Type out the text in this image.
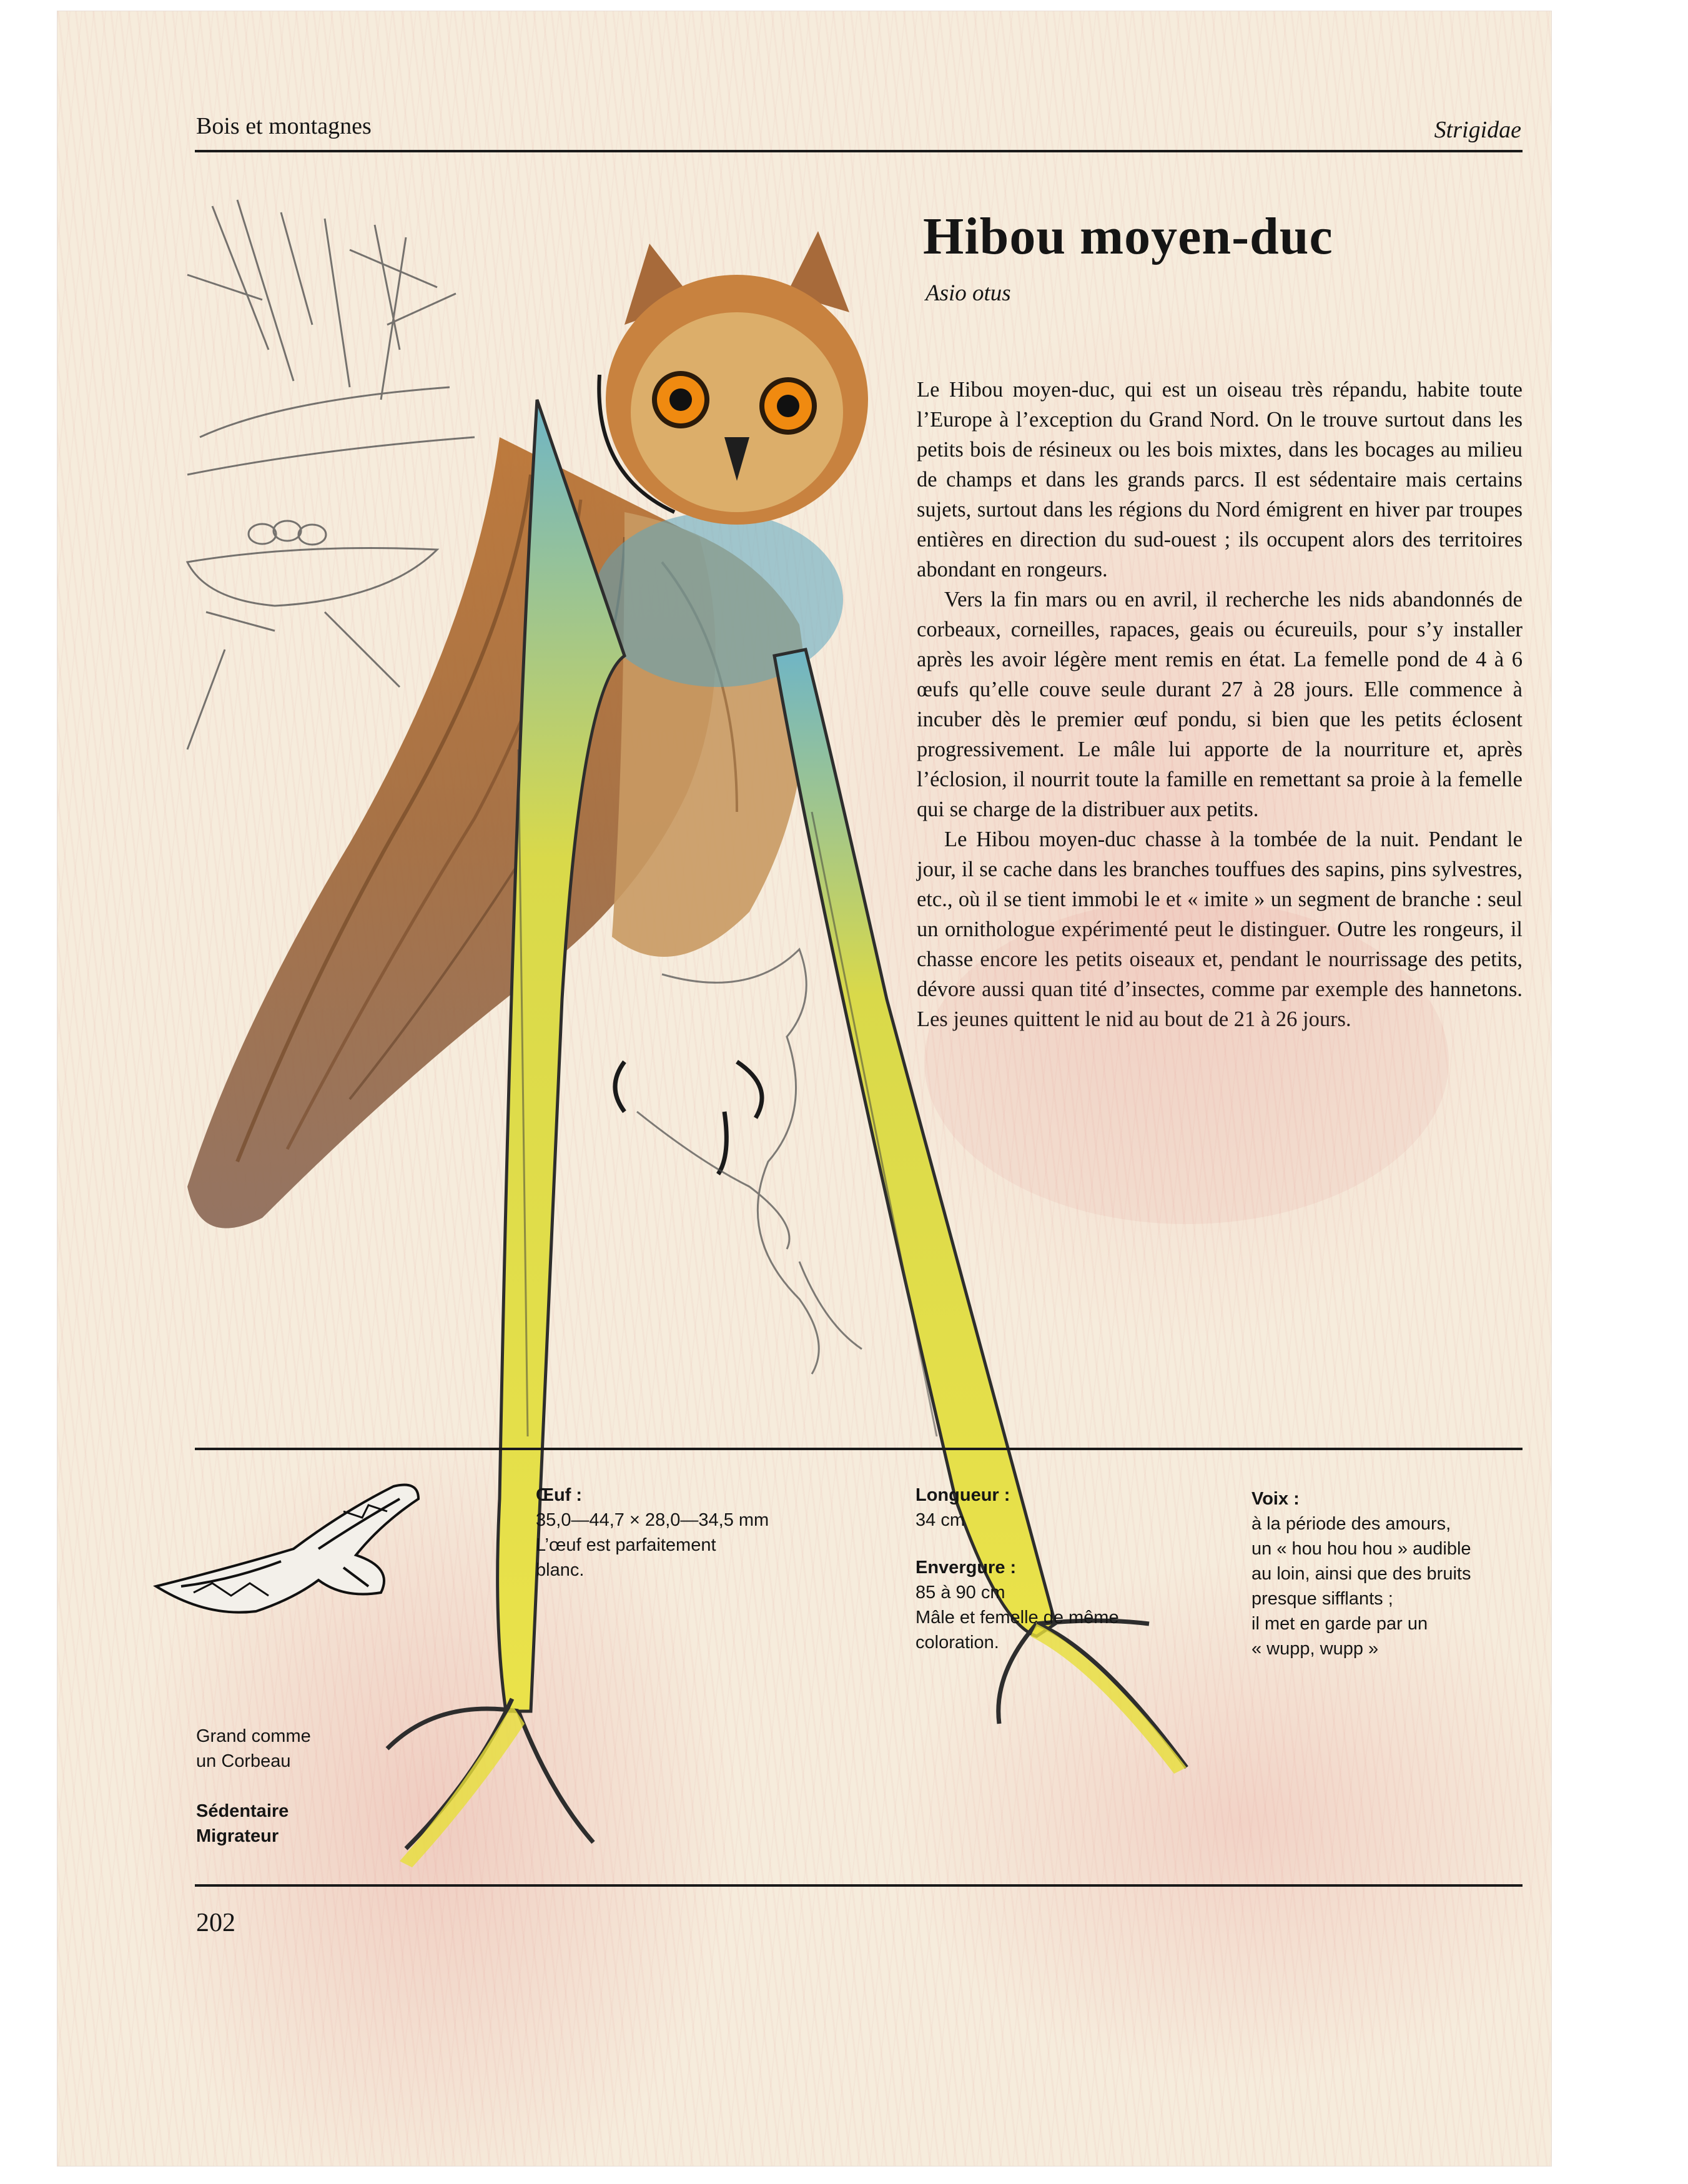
Bois et montagnes	Strigidae
Hibou moyen-duc
Asio otus

Le Hibou moyen-duc, qui est un oiseau très répandu, habite toute l’Europe à l’exception du Grand Nord. On le trouve surtout dans les petits bois de résineux ou les bois mixtes, dans les bocages au milieu de champs et dans les grands parcs. Il est sédentaire mais certains sujets, surtout dans les régions du Nord émigrent en hiver par troupes entières en direction du sud-ouest ; ils occupent alors des territoires abondant en rongeurs.

Vers la fin mars ou en avril, il recherche les nids abandonnés de corbeaux, corneilles, rapaces, geais ou écureuils, pour s’y installer après les avoir légère ment remis en état. La femelle pond de 4 à 6 œufs qu’elle couve seule durant 27 à 28 jours. Elle commence à incuber dès le premier œuf pondu, si bien que les petits éclosent progressivement. Le mâle lui apporte de la nourriture et, après l’éclosion, il nourrit toute la famille en remettant sa proie à la femelle qui se charge de la distribuer aux petits.

Le Hibou moyen-duc chasse à la tombée de la nuit. Pendant le jour, il se cache dans les branches touffues des sapins, pins sylvestres, etc., où il se tient immobi le et « imite » un segment de branche : seul un ornithologue expérimenté peut le distinguer. Outre les rongeurs, il chasse encore les petits oiseaux et, pendant le nourrissage des petits, dévore aussi quan tité d’insectes, comme par exemple des hannetons. Les jeunes quittent le nid au bout de 21 à 26 jours.

Grand comme
un Corbeau
Sédentaire
Migrateur
Œuf :
35,0—44,7 × 28,0—34,5 mm
L’œuf est parfaitement
blanc.
Longueur :
34 cm
Envergure :
85 à 90 cm
Mâle et femelle de même
coloration.
Voix :
à la période des amours,
un « hou hou hou » audible
au loin, ainsi que des bruits
presque sifflants ;
il met en garde par un
« wupp, wupp »
202
